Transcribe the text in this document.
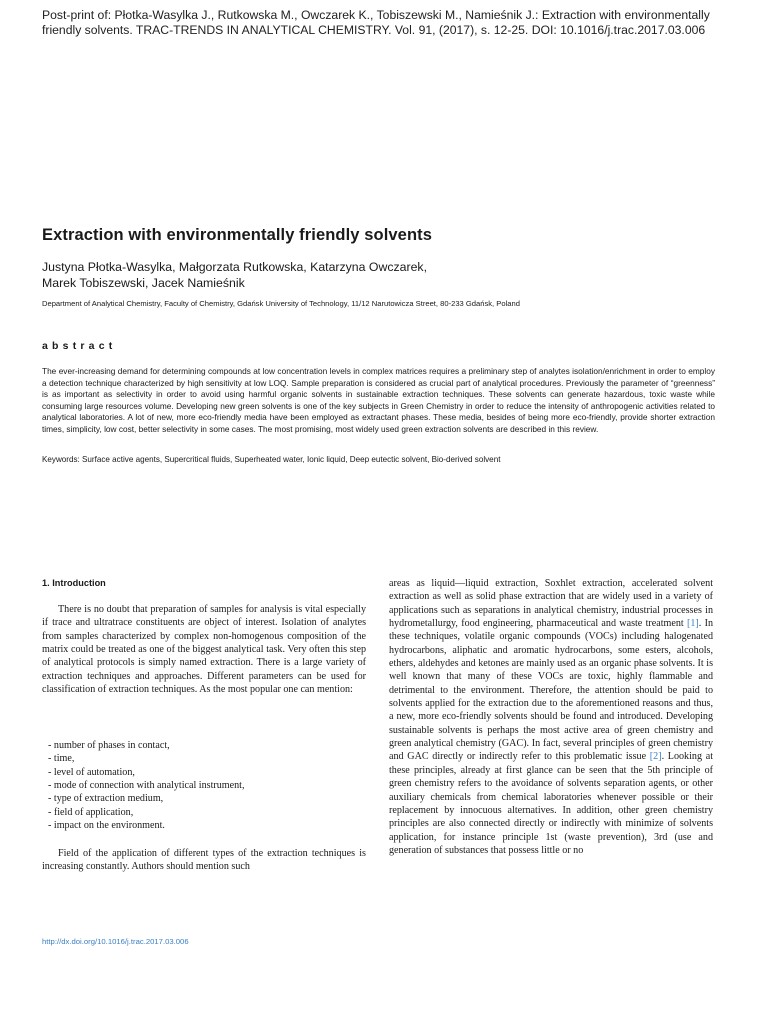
Post-print of: Płotka-Wasylka J., Rutkowska M., Owczarek K., Tobiszewski M., Namieśnik J.: Extraction with environmentally friendly solvents. TRAC-TRENDS IN ANALYTICAL CHEMISTRY. Vol. 91, (2017), s. 12-25. DOI: 10.1016/j.trac.2017.03.006
Extraction with environmentally friendly solvents
Justyna Płotka-Wasylka, Małgorzata Rutkowska, Katarzyna Owczarek,
Marek Tobiszewski, Jacek Namieśnik
Department of Analytical Chemistry, Faculty of Chemistry, Gdańsk University of Technology, 11/12 Narutowicza Street, 80-233 Gdańsk, Poland
abstract
The ever-increasing demand for determining compounds at low concentration levels in complex matrices requires a preliminary step of analytes isolation/enrichment in order to employ a detection technique characterized by high sensitivity at low LOQ. Sample preparation is considered as crucial part of analytical procedures. Previously the parameter of “greenness” is as important as selectivity in order to avoid using harmful organic solvents in sustainable extraction techniques. These solvents can generate hazardous, toxic waste while consuming large resources volume. Developing new green solvents is one of the key subjects in Green Chemistry in order to reduce the intensity of anthropogenic activities related to analytical laboratories. A lot of new, more eco-friendly media have been employed as extractant phases. These media, besides of being more eco-friendly, provide shorter extraction times, simplicity, low cost, better selectivity in some cases. The most promising, most widely used green extraction solvents are described in this review.
Keywords: Surface active agents, Supercritical fluids, Superheated water, Ionic liquid, Deep eutectic solvent, Bio-derived solvent
1. Introduction
There is no doubt that preparation of samples for analysis is vital especially if trace and ultratrace constituents are object of interest. Isolation of analytes from samples characterized by complex non-homogenous composition of the matrix could be treated as one of the biggest analytical task. Very often this step of analytical protocols is simply named extraction. There is a large variety of extraction techniques and approaches. Different parameters can be used for classification of extraction techniques. As the most popular one can mention:
- number of phases in contact,
- time,
- level of automation,
- mode of connection with analytical instrument,
- type of extraction medium,
- field of application,
- impact on the environment.
Field of the application of different types of the extraction techniques is increasing constantly. Authors should mention such
areas as liquid—liquid extraction, Soxhlet extraction, accelerated solvent extraction as well as solid phase extraction that are widely used in a variety of applications such as separations in analytical chemistry, industrial processes in hydrometallurgy, food engineering, pharmaceutical and waste treatment [1]. In these techniques, volatile organic compounds (VOCs) including halogenated hydrocarbons, aliphatic and aromatic hydrocarbons, some esters, alcohols, ethers, aldehydes and ketones are mainly used as an organic phase solvents. It is well known that many of these VOCs are toxic, highly flammable and detrimental to the environment. Therefore, the attention should be paid to solvents applied for the extraction due to the aforementioned reasons and thus, a new, more eco-friendly solvents should be found and introduced. Developing sustainable solvents is perhaps the most active area of green chemistry and green analytical chemistry (GAC). In fact, several principles of green chemistry and GAC directly or indirectly refer to this problematic issue [2]. Looking at these principles, already at first glance can be seen that the 5th principle of green chemistry refers to the avoidance of solvents separation agents, or other auxiliary chemicals from chemical laboratories whenever possible or their replacement by innocuous alternatives. In addition, other green chemistry principles are also connected directly or indirectly with minimize of solvents application, for instance principle 1st (waste prevention), 3rd (use and generation of substances that possess little or no
http://dx.doi.org/10.1016/j.trac.2017.03.006
